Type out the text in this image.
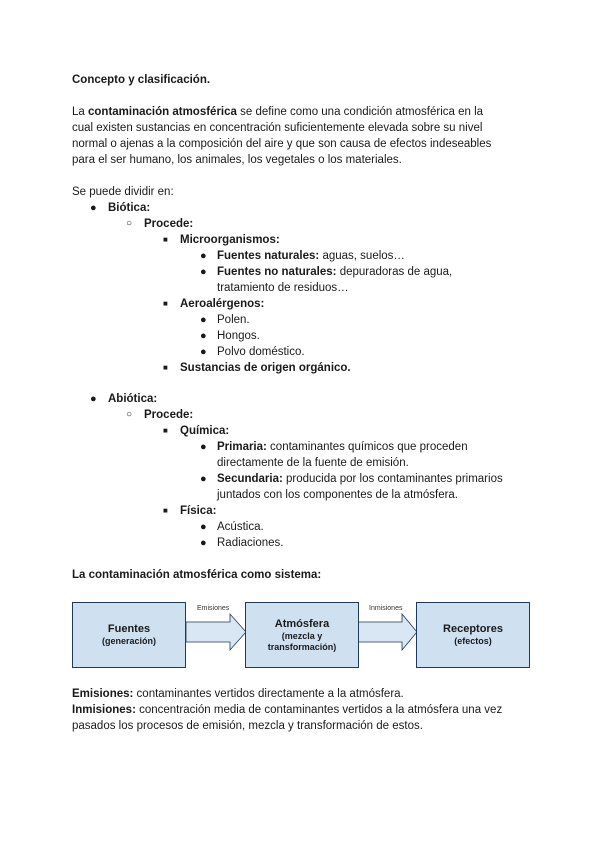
Concepto y clasificación.
La contaminación atmosférica se define como una condición atmosférica en la
cual existen sustancias en concentración suficientemente elevada sobre su nivel
normal o ajenas a la composición del aire y que son causa de efectos indeseables
para el ser humano, los animales, los vegetales o los materiales.
Se puede dividir en:
● Biótica:
○ Procede:
■ Microorganismos:
● Fuentes naturales: aguas, suelos…
● Fuentes no naturales: depuradoras de agua,
tratamiento de residuos…
■ Aeroalérgenos:
● Polen.
● Hongos.
● Polvo doméstico.
■ Sustancias de origen orgánico.
● Abiótica:
○ Procede:
■ Química:
● Primaria: contaminantes químicos que proceden
directamente de la fuente de emisión.
● Secundaria: producida por los contaminantes primarios
juntados con los componentes de la atmósfera.
■ Física:
● Acústica.
● Radiaciones.
La contaminación atmosférica como sistema:
Emisiones	Inmisiones
Fuentes
(generación)
Atmósfera
(mezcla y
transformación)
Receptores
(efectos)
Emisiones: contaminantes vertidos directamente a la atmósfera.
Inmisiones: concentración media de contaminantes vertidos a la atmósfera una vez
pasados los procesos de emisión, mezcla y transformación de estos.
